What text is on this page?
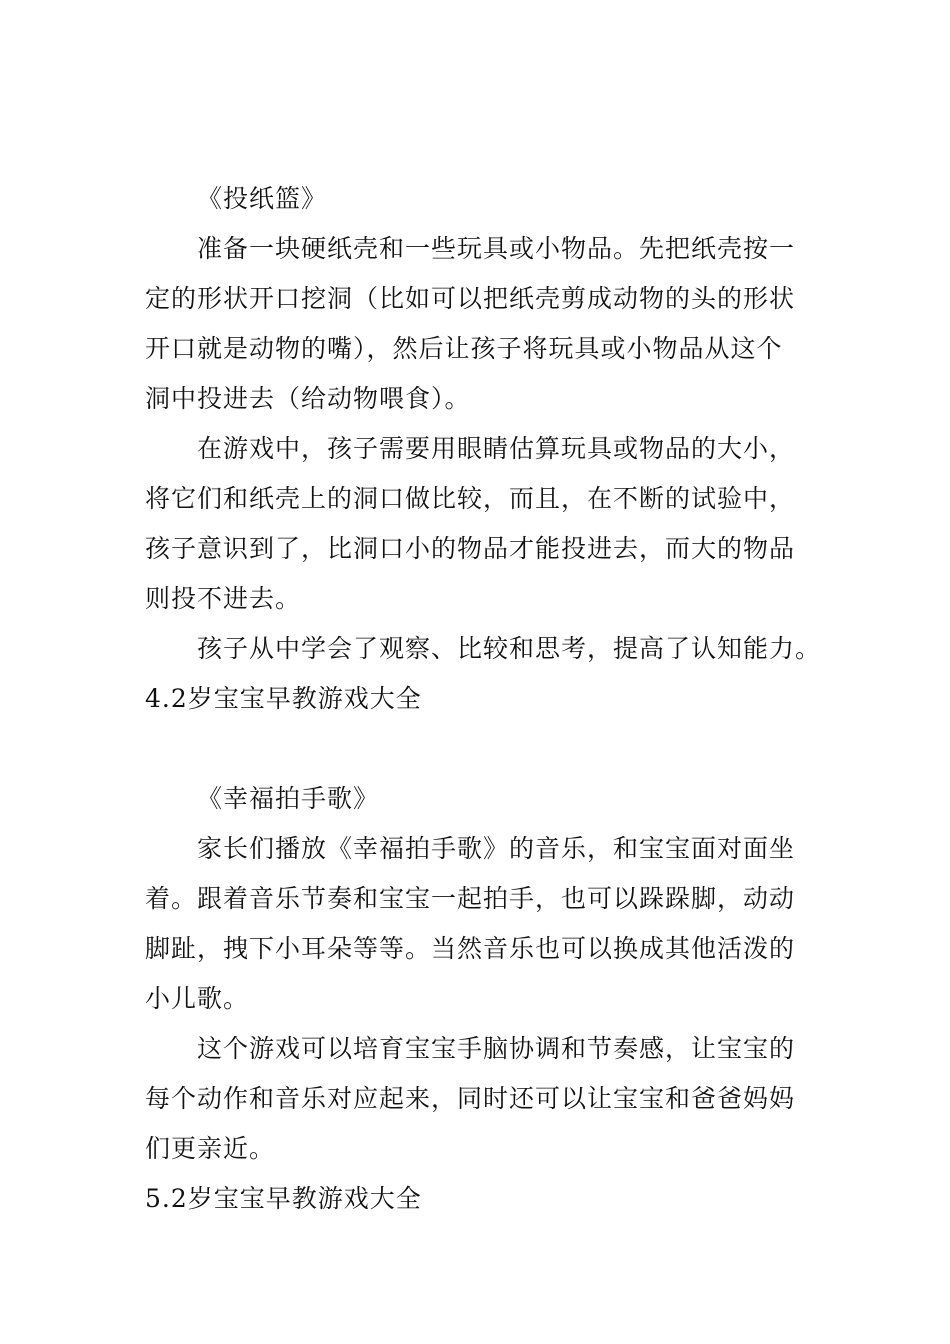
《投纸篮》
准备一块硬纸壳和一些玩具或小物品。先把纸壳按一
定的形状开口挖洞（比如可以把纸壳剪成动物的头的形状
开口就是动物的嘴），然后让孩子将玩具或小物品从这个
洞中投进去（给动物喂食）。
在游戏中，孩子需要用眼睛估算玩具或物品的大小，
将它们和纸壳上的洞口做比较，而且，在不断的试验中，
孩子意识到了，比洞口小的物品才能投进去，而大的物品
则投不进去。
孩子从中学会了观察、比较和思考，提高了认知能力。
4.2岁宝宝早教游戏大全
《幸福拍手歌》
家长们播放《幸福拍手歌》的音乐，和宝宝面对面坐
着。跟着音乐节奏和宝宝一起拍手，也可以跺跺脚，动动
脚趾，拽下小耳朵等等。当然音乐也可以换成其他活泼的
小儿歌。
这个游戏可以培育宝宝手脑协调和节奏感，让宝宝的
每个动作和音乐对应起来，同时还可以让宝宝和爸爸妈妈
们更亲近。
5.2岁宝宝早教游戏大全
